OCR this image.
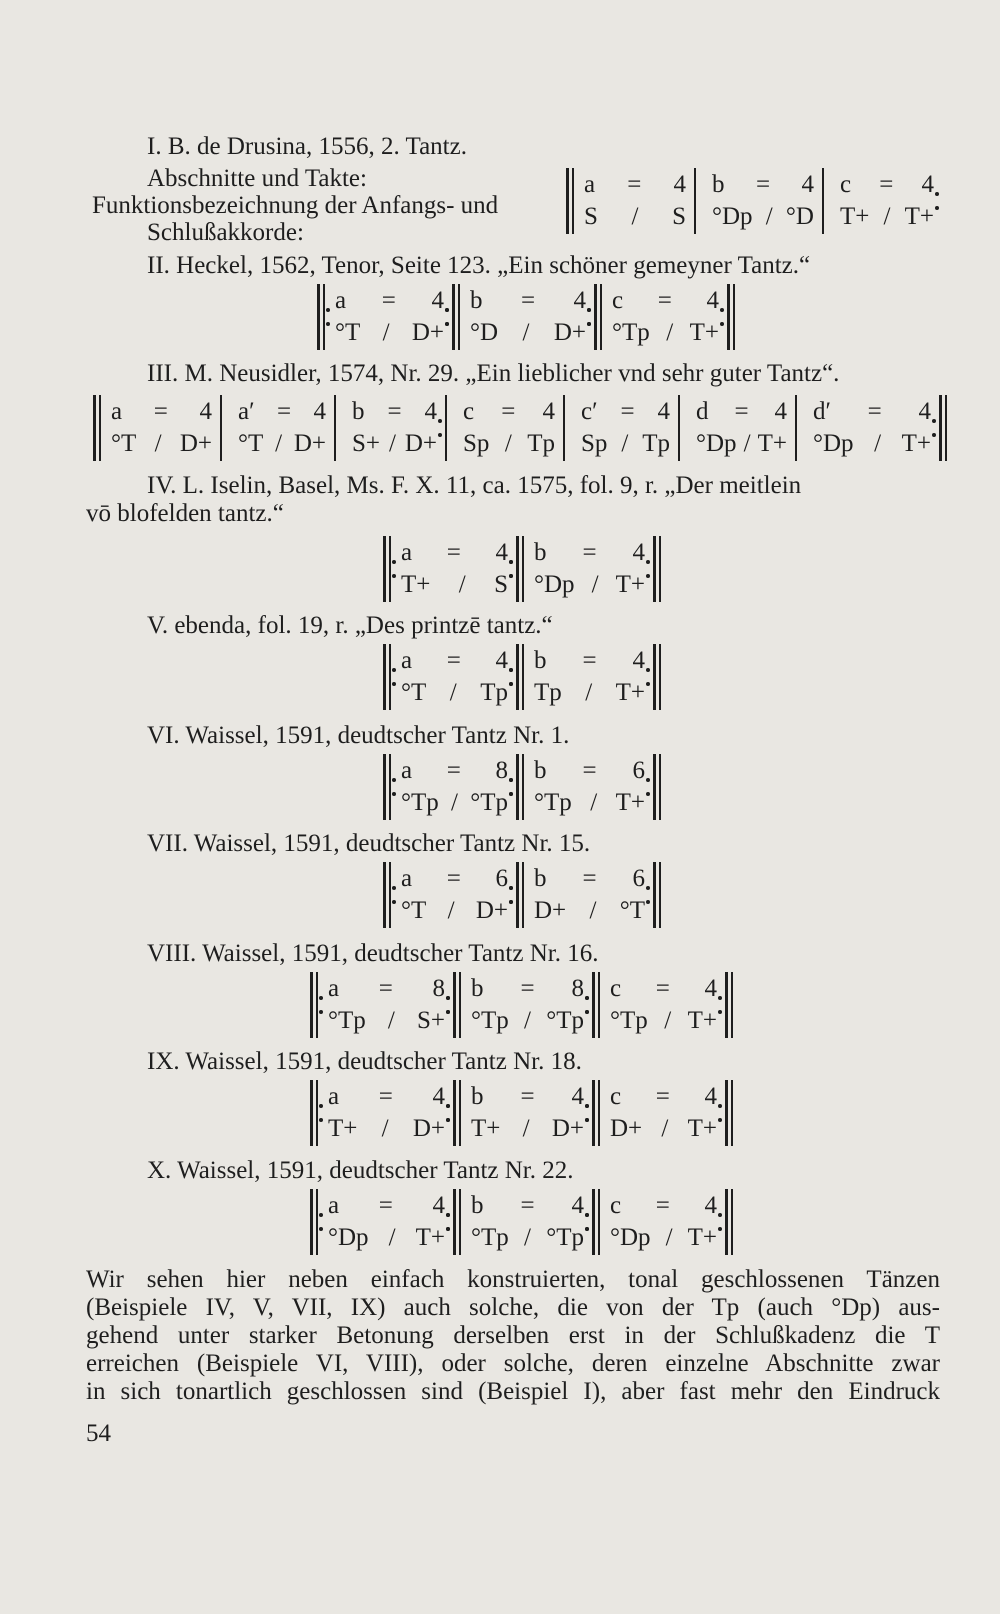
I. B. de Drusina, 1556, 2. Tantz.
Abschnitte und Takte:
Funktionsbezeichnung der Anfangs- und
Schlußakkorde:
a = 4
S / S
b = 4
°Dp / °D
c = 4
T+ / T+
II. Heckel, 1562, Tenor, Seite 123. „Ein schöner gemeyner Tantz.“
a = 4
°T / D+
b = 4
°D / D+
c = 4
°Tp / T+
III. M. Neusidler, 1574, Nr. 29. „Ein lieblicher vnd sehr guter Tantz“.
a = 4
°T / D+
a′ = 4
°T / D+
b = 4
S+ / D+
c = 4
Sp / Tp
c′ = 4
Sp / Tp
d = 4
°Dp / T+
d′ = 4
°Dp / T+
IV. L. Iselin, Basel, Ms. F. X. 11, ca. 1575, fol. 9, r. „Der meitlein
vō blofelden tantz.“
a = 4
T+ / S
b = 4
°Dp / T+
V. ebenda, fol. 19, r. „Des printzē tantz.“
a = 4
°T / Tp
b = 4
Tp / T+
VI. Waissel, 1591, deudtscher Tantz Nr. 1.
a = 8
°Tp / °Tp
b = 6
°Tp / T+
VII. Waissel, 1591, deudtscher Tantz Nr. 15.
a = 6
°T / D+
b = 6
D+ / °T
VIII. Waissel, 1591, deudtscher Tantz Nr. 16.
a = 8
°Tp / S+
b = 8
°Tp / °Tp
c = 4
°Tp / T+
IX. Waissel, 1591, deudtscher Tantz Nr. 18.
a = 4
T+ / D+
b = 4
T+ / D+
c = 4
D+ / T+
X. Waissel, 1591, deudtscher Tantz Nr. 22.
a = 4
°Dp / T+
b = 4
°Tp / °Tp
c = 4
°Dp / T+
Wir sehen hier neben einfach konstruierten, tonal geschlossenen Tänzen
(Beispiele IV, V, VII, IX) auch solche, die von der Tp (auch °Dp) aus-
gehend unter starker Betonung derselben erst in der Schlußkadenz die T
erreichen (Beispiele VI, VIII), oder solche, deren einzelne Abschnitte zwar
in sich tonartlich geschlossen sind (Beispiel I), aber fast mehr den Eindruck
54
